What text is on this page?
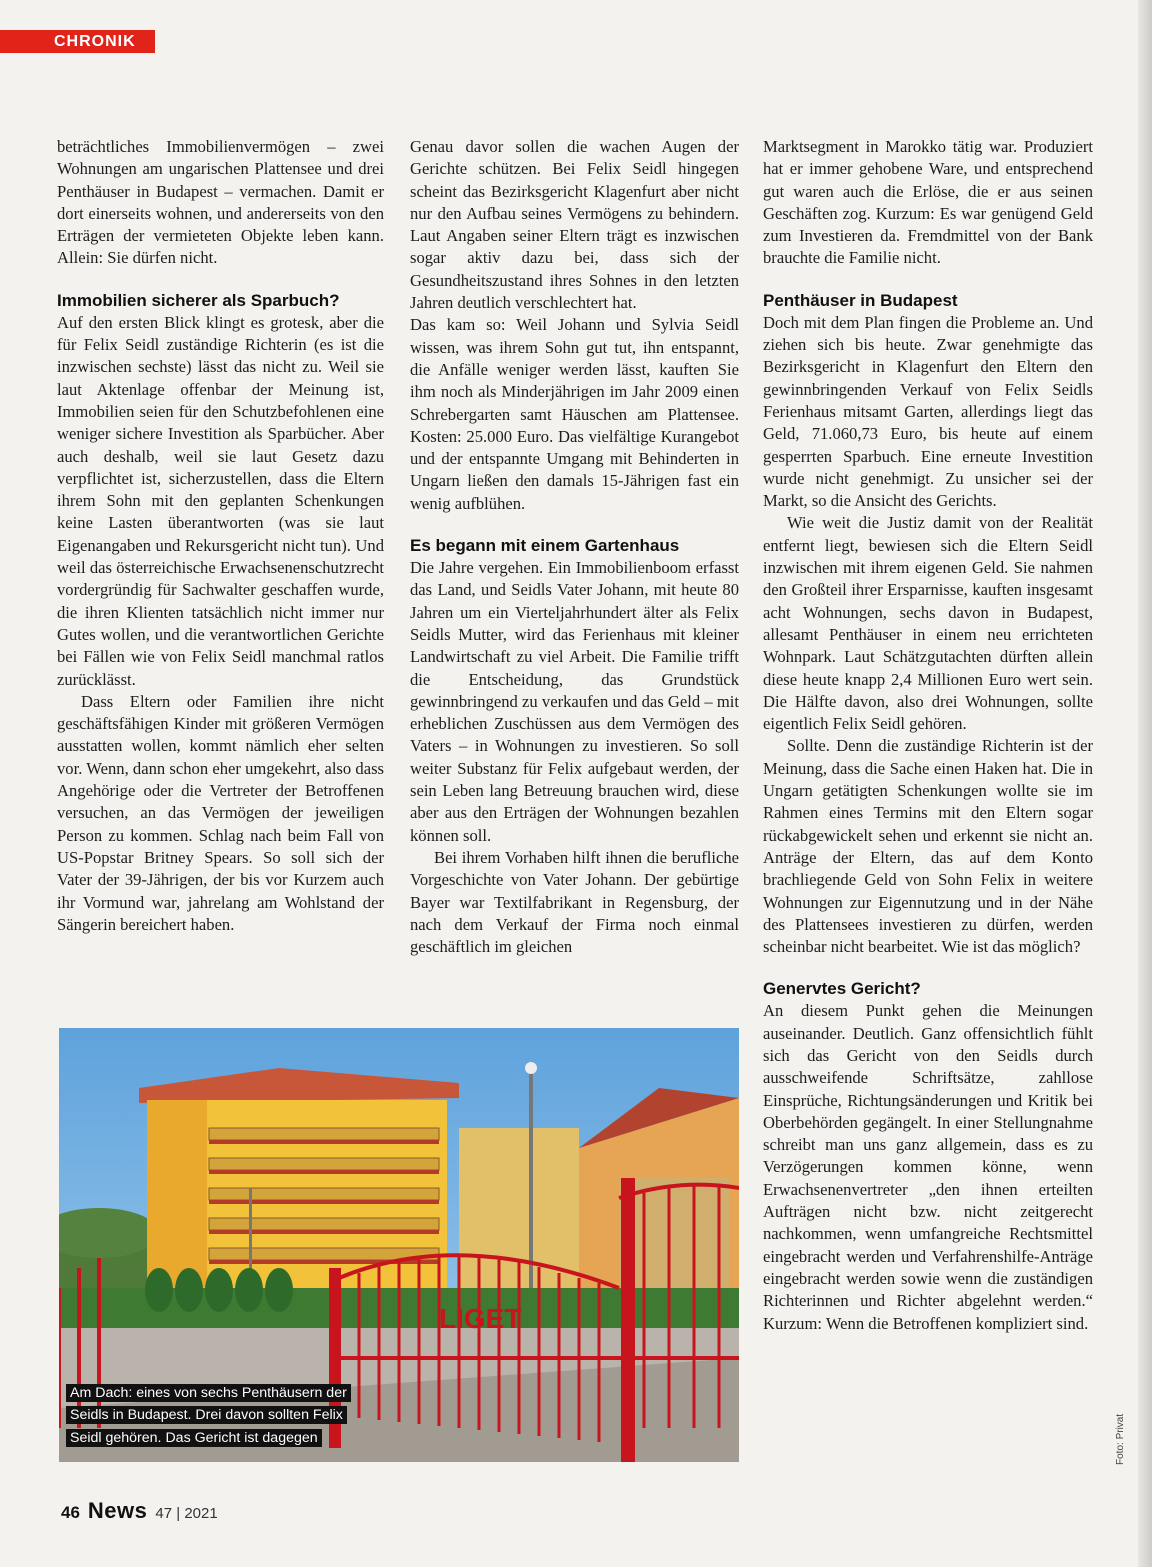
CHRONIK

beträchtliches Immobilienvermögen – zwei Wohnungen am ungarischen Plattensee und drei Penthäuser in Budapest – vermachen. Damit er dort einerseits wohnen, und andererseits von den Erträgen der vermieteten Objekte leben kann. Allein: Sie dürfen nicht.

Immobilien sicherer als Sparbuch?

Auf den ersten Blick klingt es grotesk, aber die für Felix Seidl zuständige Richterin (es ist die inzwischen sechste) lässt das nicht zu. Weil sie laut Aktenlage offenbar der Meinung ist, Immobilien seien für den Schutzbefohlenen eine weniger sichere Investition als Sparbücher. Aber auch deshalb, weil sie laut Gesetz dazu verpflichtet ist, sicherzustellen, dass die Eltern ihrem Sohn mit den geplanten Schenkungen keine Lasten überantworten (was sie laut Eigenangaben und Rekursgericht nicht tun). Und weil das österreichische Erwachsenenschutzrecht vordergründig für Sachwalter geschaffen wurde, die ihren Klienten tatsächlich nicht immer nur Gutes wollen, und die verantwortlichen Gerichte bei Fällen wie von Felix Seidl manchmal ratlos zurücklässt.

Dass Eltern oder Familien ihre nicht geschäftsfähigen Kinder mit größeren Vermögen ausstatten wollen, kommt nämlich eher selten vor. Wenn, dann schon eher umgekehrt, also dass Angehörige oder die Vertreter der Betroffenen versuchen, an das Vermögen der jeweiligen Person zu kommen. Schlag nach beim Fall von US-Popstar Britney Spears. So soll sich der Vater der 39-Jährigen, der bis vor Kurzem auch ihr Vormund war, jahrelang am Wohlstand der Sängerin bereichert haben.

Genau davor sollen die wachen Augen der Gerichte schützen. Bei Felix Seidl hingegen scheint das Bezirksgericht Klagenfurt aber nicht nur den Aufbau seines Vermögens zu behindern. Laut Angaben seiner Eltern trägt es inzwischen sogar aktiv dazu bei, dass sich der Gesundheitszustand ihres Sohnes in den letzten Jahren deutlich verschlechtert hat.

Das kam so: Weil Johann und Sylvia Seidl wissen, was ihrem Sohn gut tut, ihn entspannt, die Anfälle weniger werden lässt, kauften Sie ihm noch als Minderjährigen im Jahr 2009 einen Schrebergarten samt Häuschen am Plattensee. Kosten: 25.000 Euro. Das vielfältige Kurangebot und der entspannte Umgang mit Behinderten in Ungarn ließen den damals 15-Jährigen fast ein wenig aufblühen.

Es begann mit einem Gartenhaus

Die Jahre vergehen. Ein Immobilienboom erfasst das Land, und Seidls Vater Johann, mit heute 80 Jahren um ein Vierteljahrhundert älter als Felix Seidls Mutter, wird das Ferienhaus mit kleiner Landwirtschaft zu viel Arbeit. Die Familie trifft die Entscheidung, das Grundstück gewinnbringend zu verkaufen und das Geld – mit erheblichen Zuschüssen aus dem Vermögen des Vaters – in Wohnungen zu investieren. So soll weiter Substanz für Felix aufgebaut werden, der sein Leben lang Betreuung brauchen wird, diese aber aus den Erträgen der Wohnungen bezahlen können soll.

Bei ihrem Vorhaben hilft ihnen die berufliche Vorgeschichte von Vater Johann. Der gebürtige Bayer war Textilfabrikant in Regensburg, der nach dem Verkauf der Firma noch einmal geschäftlich im gleichen

Marktsegment in Marokko tätig war. Produziert hat er immer gehobene Ware, und entsprechend gut waren auch die Erlöse, die er aus seinen Geschäften zog. Kurzum: Es war genügend Geld zum Investieren da. Fremdmittel von der Bank brauchte die Familie nicht.

Penthäuser in Budapest

Doch mit dem Plan fingen die Probleme an. Und ziehen sich bis heute. Zwar genehmigte das Bezirksgericht in Klagenfurt den Eltern den gewinnbringenden Verkauf von Felix Seidls Ferienhaus mitsamt Garten, allerdings liegt das Geld, 71.060,73 Euro, bis heute auf einem gesperrten Sparbuch. Eine erneute Investition wurde nicht genehmigt. Zu unsicher sei der Markt, so die Ansicht des Gerichts.

Wie weit die Justiz damit von der Realität entfernt liegt, bewiesen sich die Eltern Seidl inzwischen mit ihrem eigenen Geld. Sie nahmen den Großteil ihrer Ersparnisse, kauften insgesamt acht Wohnungen, sechs davon in Budapest, allesamt Penthäuser in einem neu errichteten Wohnpark. Laut Schätzgutachten dürften allein diese heute knapp 2,4 Millionen Euro wert sein. Die Hälfte davon, also drei Wohnungen, sollte eigentlich Felix Seidl gehören.

Sollte. Denn die zuständige Richterin ist der Meinung, dass die Sache einen Haken hat. Die in Ungarn getätigten Schenkungen wollte sie im Rahmen eines Termins mit den Eltern sogar rückabgewickelt sehen und erkennt sie nicht an. Anträge der Eltern, das auf dem Konto brachliegende Geld von Sohn Felix in weitere Wohnungen zur Eigennutzung und in der Nähe des Plattensees investieren zu dürfen, werden scheinbar nicht bearbeitet. Wie ist das möglich?

Genervtes Gericht?

An diesem Punkt gehen die Meinungen auseinander. Deutlich. Ganz offensichtlich fühlt sich das Gericht von den Seidls durch ausschweifende Schriftsätze, zahllose Einsprüche, Richtungsänderungen und Kritik bei Oberbehörden gegängelt. In einer Stellungnahme schreibt man uns ganz allgemein, dass es zu Verzögerungen kommen könne, wenn Erwachsenenvertreter „den ihnen erteilten Aufträgen nicht bzw. nicht zeitgerecht nachkommen, wenn umfangreiche Rechtsmittel eingebracht werden und Verfahrenshilfe-Anträge eingebracht werden sowie wenn die zuständigen Richterinnen und Richter abgelehnt werden.“ Kurzum: Wenn die Betroffenen kompliziert sind.

LIGET
Am Dach: eines von sechs Penthäusern der Seidls in Budapest. Drei davon sollten Felix Seidl gehören. Das Gericht ist dagegen	Foto: Privat
46 News 47 | 2021
